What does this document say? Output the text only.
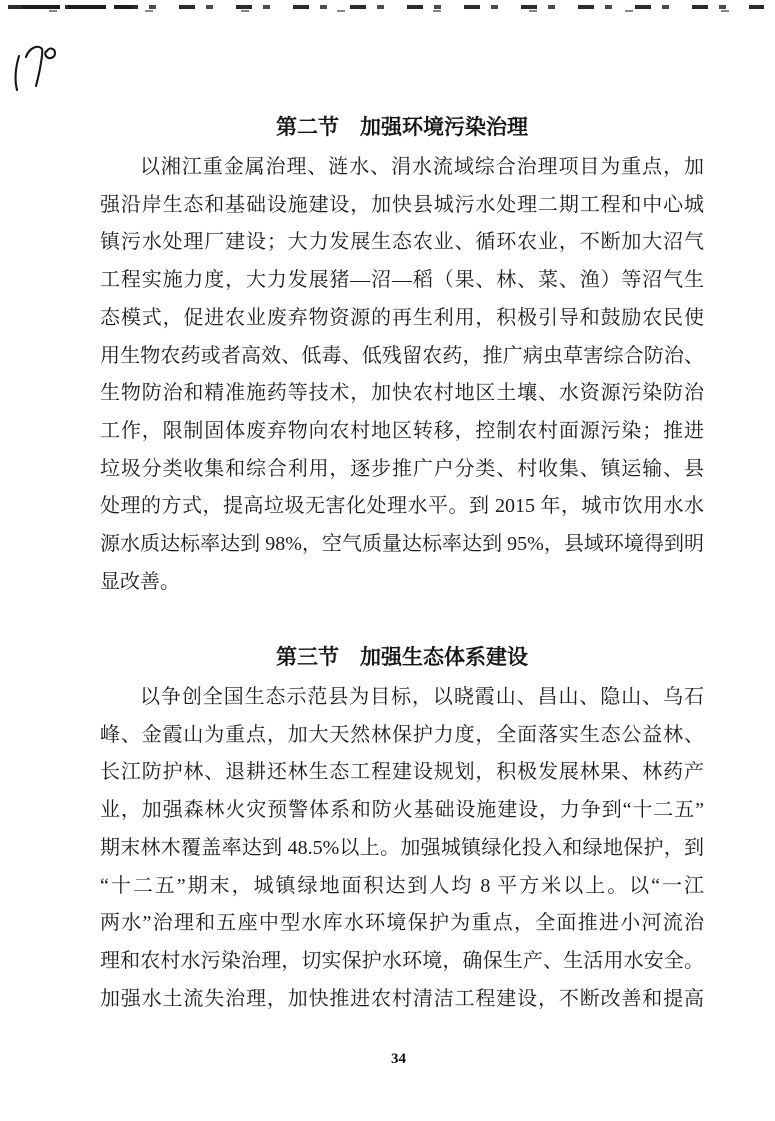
第二节　加强环境污染治理
以湘江重金属治理、涟水、涓水流域综合治理项目为重点，加
强沿岸生态和基础设施建设，加快县城污水处理二期工程和中心城
镇污水处理厂建设；大力发展生态农业、循环农业，不断加大沼气
工程实施力度，大力发展猪—沼—稻（果、林、菜、渔）等沼气生
态模式，促进农业废弃物资源的再生利用，积极引导和鼓励农民使
用生物农药或者高效、低毒、低残留农药，推广病虫草害综合防治、
生物防治和精准施药等技术，加快农村地区土壤、水资源污染防治
工作，限制固体废弃物向农村地区转移，控制农村面源污染；推进
垃圾分类收集和综合利用，逐步推广户分类、村收集、镇运输、县
处理的方式，提高垃圾无害化处理水平。到 2015 年，城市饮用水水
源水质达标率达到 98%，空气质量达标率达到 95%，县域环境得到明
显改善。
第三节　加强生态体系建设
以争创全国生态示范县为目标，以晓霞山、昌山、隐山、乌石
峰、金霞山为重点，加大天然林保护力度，全面落实生态公益林、
长江防护林、退耕还林生态工程建设规划，积极发展林果、林药产
业，加强森林火灾预警体系和防火基础设施建设，力争到“十二五”
期末林木覆盖率达到 48.5%以上。加强城镇绿化投入和绿地保护，到
“十二五”期末，城镇绿地面积达到人均 8 平方米以上。以“一江
两水”治理和五座中型水库水环境保护为重点，全面推进小河流治
理和农村水污染治理，切实保护水环境，确保生产、生活用水安全。
加强水土流失治理，加快推进农村清洁工程建设，不断改善和提高
34
